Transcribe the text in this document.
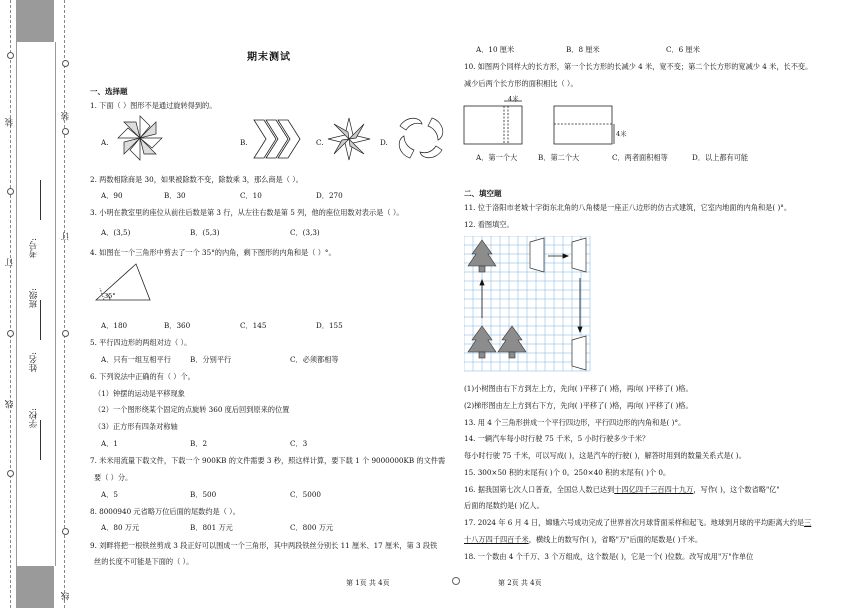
装
订
线
装
订
线
学校:
姓名:
班级:
考号:
期末测试
一、选择题
1. 下面（ ）图形不是通过旋转得到的。
A.	B.	C.	D.
2. 两数相除商是 30，如果被除数不变，除数乘 3，那么商是（ ）。
A．90	B．30	C．10	D．270
3. 小明在教室里的座位从前往后数是第 3 行，从左往右数是第 5 列，他的座位用数对表示是（ ）。
A．(3,5)	B．(5,3)	C．(3,3)
4. 如图在一个三角形中剪去了一个 35°的内角，剩下图形的内角和是（ ）°。
35°
A．180	B．360	C．145	D．155
5. 平行四边形的两组对边（ ）。
A．只有一组互相平行	B．分别平行	C．必须都相等
6. 下列说法中正确的有（ ）个。
（1）钟摆的运动是平移现象
（2）一个图形绕某个固定的点旋转 360 度后回到原来的位置
（3）正方形有四条对称轴
A．1	B．2	C．3
7. 米米用流量下载文件，下载一个 900KB 的文件需要 3 秒，照这样计算，要下载 1 个 9000000KB 的文件需
要（ ）分。
A．5	B．500	C．5000
8. 8000940 元省略万位后面的尾数约是（ ）。
A．80 万元	B．801 万元	C．800 万元
9. 刘畔将把一根铁丝剪成 3 段正好可以围成一个三角形，其中两段铁丝分别长 11 厘米、17 厘米，第 3 段铁
丝的长度不可能是下面的（ ）。
第 1页 共 4页
A．10 厘米	B．8 厘米	C．6 厘米
10. 如图两个同样大的长方形，第一个长方形的长减少 4 米，宽不变；第二个长方形的宽减少 4 米，长不变。
减少后两个长方形的面积相比（ ）。
4米
4米
A．第一个大	B．第二个大	C．两者面积相等	D．以上都有可能
二、填空题
11. 位于洛阳市老城十字街东北角的八角楼是一座正八边形的仿古式建筑，它室内地面的内角和是( )°。
12. 看图填空。
(1)小树图由右下方到左上方，先向( )平移了( )格，再向( )平移了( )格。
(2)梯形图由左上方到右下方，先向( )平移了( )格，再向( )平移了( )格。
13. 用 4 个三角形拼成一个平行四边形，平行四边形的内角和是( )°。
14. 一辆汽车每小时行驶 75 千米，5 小时行驶多少千米？
每小时行驶 75 千米，可以写成( )，这是汽车的行驶( )，解答时用到的数量关系式是( )。
15. 300×50 积的末尾有( )个 0。250×40 积的末尾有( )个 0。
16. 据我国第七次人口普查，全国总人数已达到十四亿四千三百四十九万，写作( )，这个数省略"亿"
后面的尾数约是( )亿人。
17. 2024 年 6 月 4 日，嫦娥六号成功完成了世界首次月球背面采样和起飞。地球到月球的平均距离大约是三
十八万四千四百千米，横线上的数写作( )，省略"万"后面的尾数是( )千米。
18. 一个数由 4 个千万、3 个万组成，这个数是( )，它是一个( )位数。改写成用"万"作单位
第 2页 共 4页
